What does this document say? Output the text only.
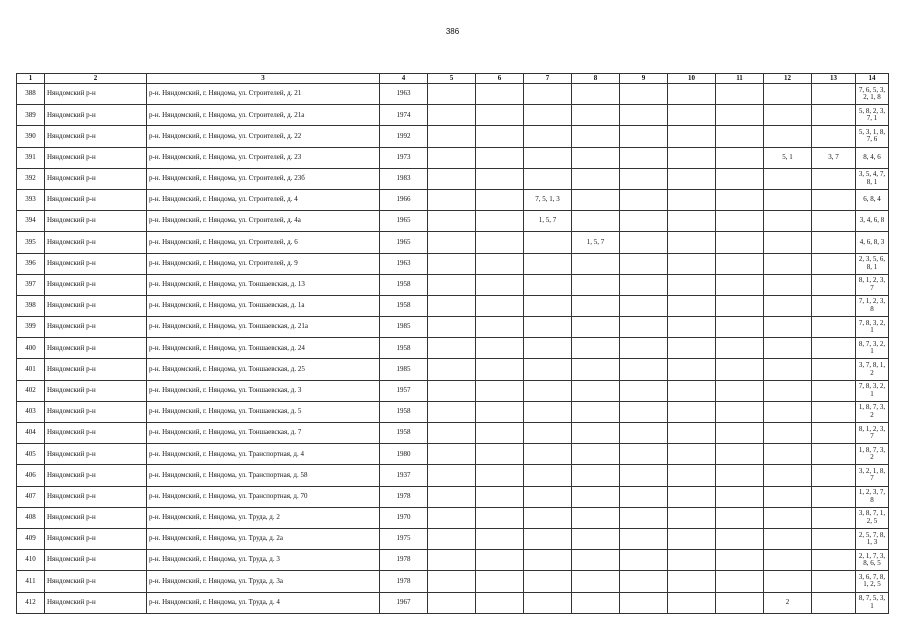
386
1	2	3	4	5	6	7	8	9	10	11	12	13	14
388	Няндомский р-н	р-н. Няндомский, г. Няндома, ул. Строителей, д. 21	1963										7, 6, 5, 3, 2, 1, 8
389	Няндомский р-н	р-н. Няндомский, г. Няндома, ул. Строителей, д. 21а	1974										5, 8, 2, 3, 7, 1
390	Няндомский р-н	р-н. Няндомский, г. Няндома, ул. Строителей, д. 22	1992										5, 3, 1, 8, 7, 6
391	Няндомский р-н	р-н. Няндомский, г. Няндома, ул. Строителей, д. 23	1973								5, 1	3, 7	8, 4, 6
392	Няндомский р-н	р-н. Няндомский, г. Няндома, ул. Строителей, д. 23б	1983										3, 5, 4, 7, 8, 1
393	Няндомский р-н	р-н. Няндомский, г. Няндома, ул. Строителей, д. 4	1966			7, 5, 1, 3							6, 8, 4
394	Няндомский р-н	р-н. Няндомский, г. Няндома, ул. Строителей, д. 4а	1965			1, 5, 7							3, 4, 6, 8
395	Няндомский р-н	р-н. Няндомский, г. Няндома, ул. Строителей, д. 6	1965				1, 5, 7						4, 6, 8, 3
396	Няндомский р-н	р-н. Няндомский, г. Няндома, ул. Строителей, д. 9	1963										2, 3, 5, 6, 8, 1
397	Няндомский р-н	р-н. Няндомский, г. Няндома, ул. Тоншаевская, д. 13	1958										8, 1, 2, 3, 7
398	Няндомский р-н	р-н. Няндомский, г. Няндома, ул. Тоншаевская, д. 1а	1958										7, 1, 2, 3, 8
399	Няндомский р-н	р-н. Няндомский, г. Няндома, ул. Тоншаевская, д. 21а	1985										7, 8, 3, 2, 1
400	Няндомский р-н	р-н. Няндомский, г. Няндома, ул. Тоншаевская, д. 24	1958										8, 7, 3, 2, 1
401	Няндомский р-н	р-н. Няндомский, г. Няндома, ул. Тоншаевская, д. 25	1985										3, 7, 8, 1, 2
402	Няндомский р-н	р-н. Няндомский, г. Няндома, ул. Тоншаевская, д. 3	1957										7, 8, 3, 2, 1
403	Няндомский р-н	р-н. Няндомский, г. Няндома, ул. Тоншаевская, д. 5	1958										1, 8, 7, 3, 2
404	Няндомский р-н	р-н. Няндомский, г. Няндома, ул. Тоншаевская, д. 7	1958										8, 1, 2, 3, 7
405	Няндомский р-н	р-н. Няндомский, г. Няндома, ул. Транспортная, д. 4	1980										1, 8, 7, 3, 2
406	Няндомский р-н	р-н. Няндомский, г. Няндома, ул. Транспортная, д. 58	1937										3, 2, 1, 8, 7
407	Няндомский р-н	р-н. Няндомский, г. Няндома, ул. Транспортная, д. 70	1978										1, 2, 3, 7, 8
408	Няндомский р-н	р-н. Няндомский, г. Няндома, ул. Труда, д. 2	1970										3, 8, 7, 1, 2, 5
409	Няндомский р-н	р-н. Няндомский, г. Няндома, ул. Труда, д. 2а	1975										2, 5, 7, 8, 1, 3
410	Няндомский р-н	р-н. Няндомский, г. Няндома, ул. Труда, д. 3	1978										2, 1, 7, 3, 8, 6, 5
411	Няндомский р-н	р-н. Няндомский, г. Няндома, ул. Труда, д. 3а	1978										3, 6, 7, 8, 1, 2, 5
412	Няндомский р-н	р-н. Няндомский, г. Няндома, ул. Труда, д. 4	1967								2		8, 7, 5, 3, 1
